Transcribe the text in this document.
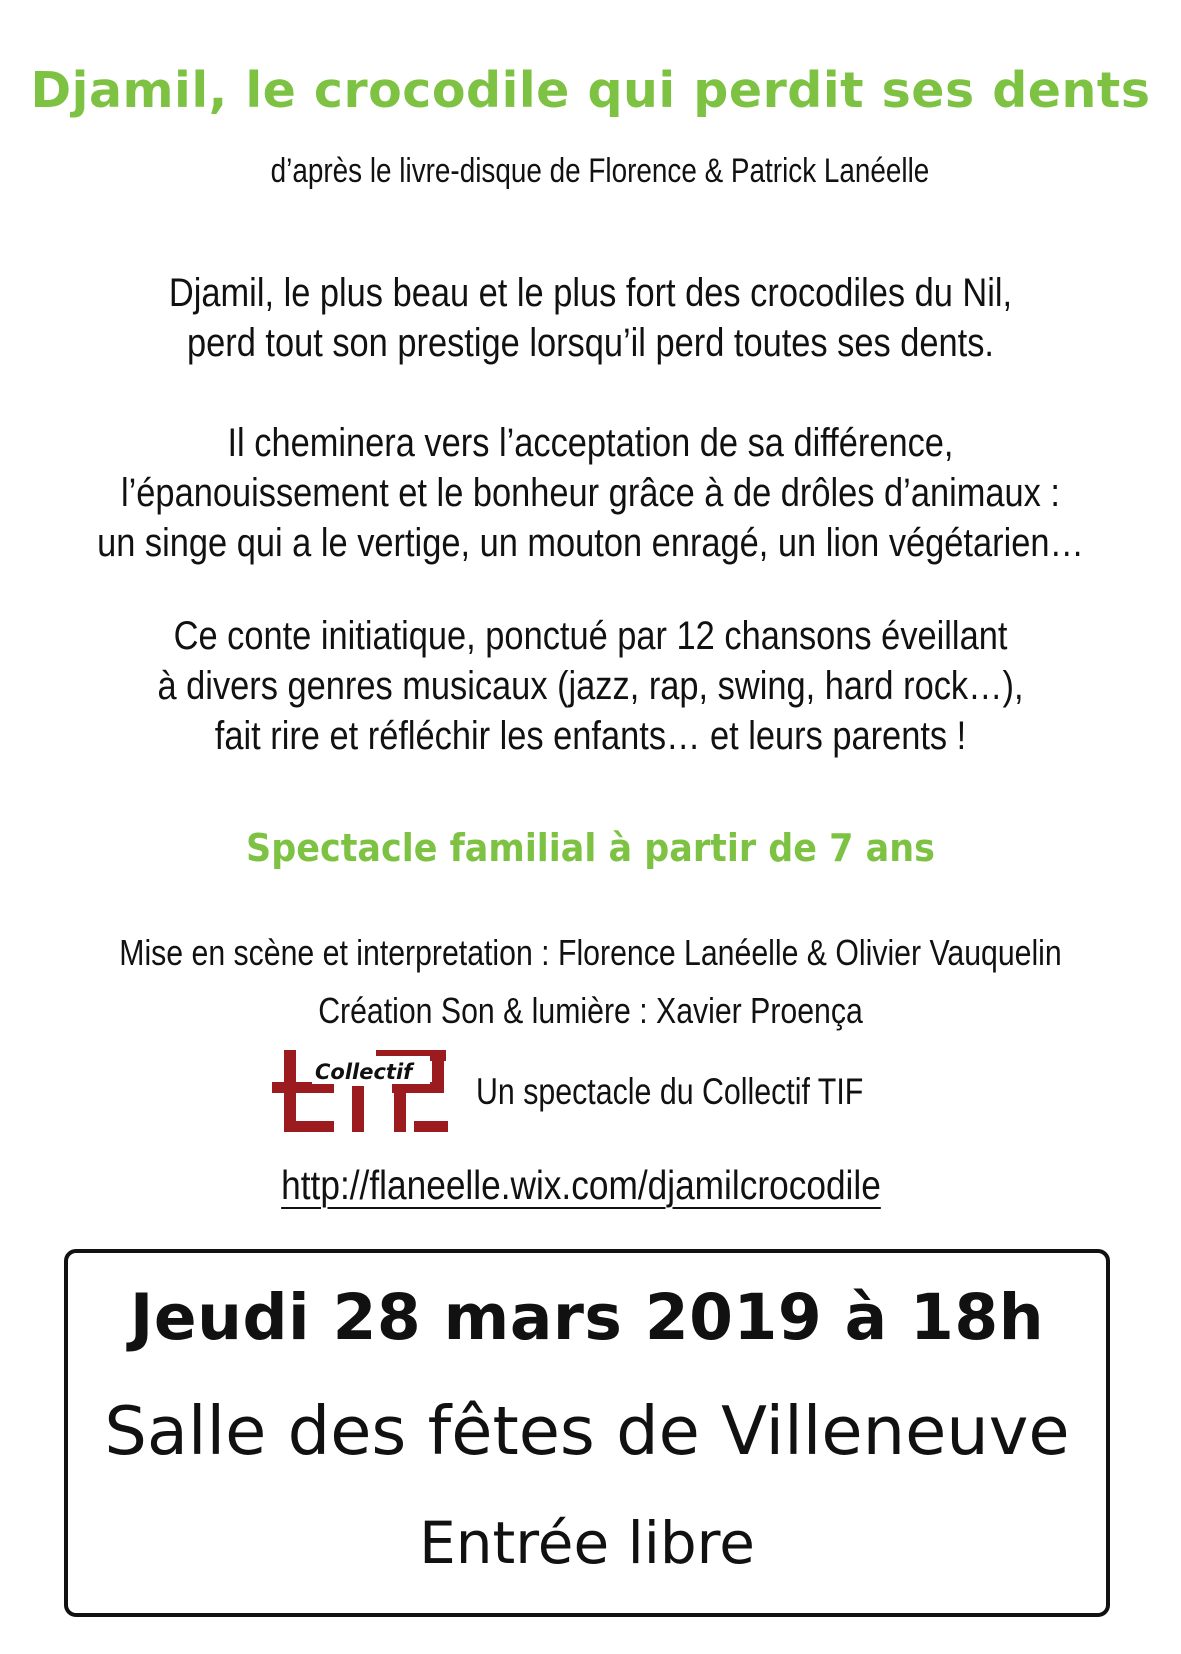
Djamil, le crocodile qui perdit ses dents
d’après le livre-disque de Florence & Patrick Lanéelle
Djamil, le plus beau et le plus fort des crocodiles du Nil,
perd tout son prestige lorsqu’il perd toutes ses dents.
Il cheminera vers l’acceptation de sa différence,
l’épanouissement et le bonheur grâce à de drôles d’animaux :
un singe qui a le vertige, un mouton enragé, un lion végétarien…
Ce conte initiatique, ponctué par 12 chansons éveillant
à divers genres musicaux (jazz, rap, swing, hard rock…),
fait rire et réfléchir les enfants… et leurs parents !
Spectacle familial à partir de 7 ans
Mise en scène et interpretation : Florence Lanéelle & Olivier Vauquelin
Création Son & lumière : Xavier Proença
Collectif Un spectacle du Collectif TIF
http://flaneelle.wix.com/djamilcrocodile
Jeudi 28 mars 2019 à 18h
Salle des fêtes de Villeneuve
Entrée libre
